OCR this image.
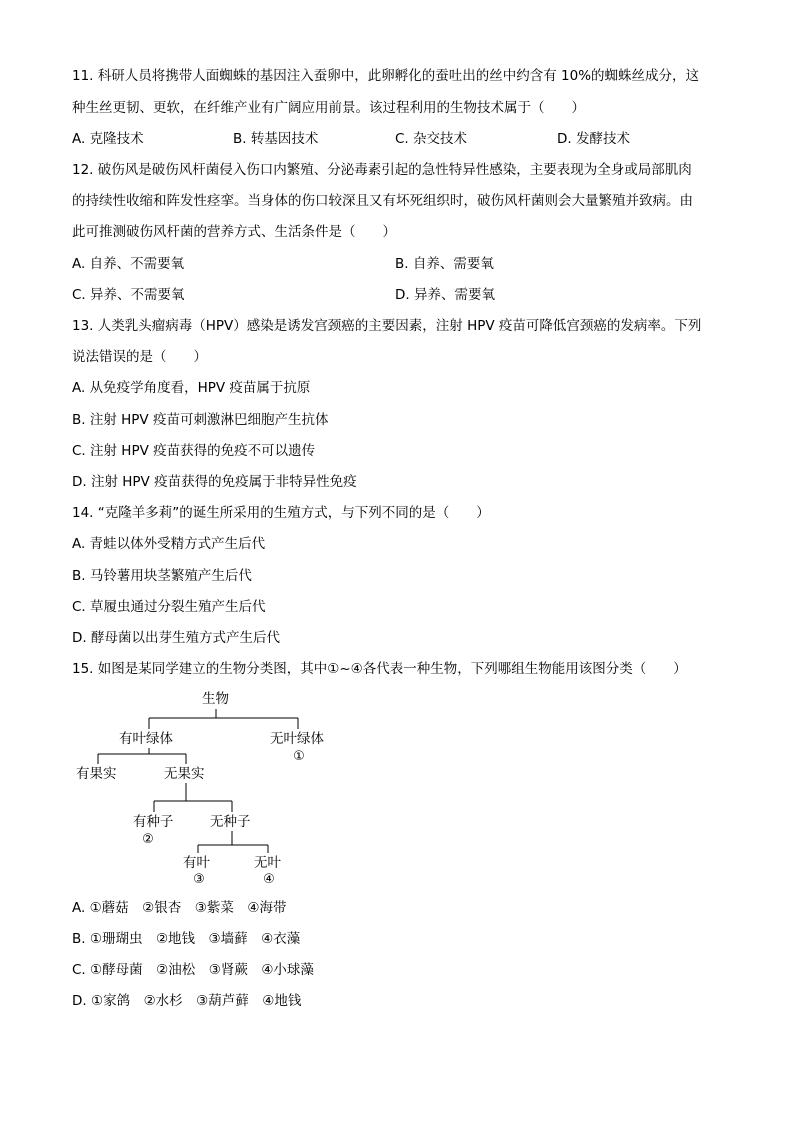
11. 科研人员将携带人面蜘蛛的基因注入蚕卵中，此卵孵化的蚕吐出的丝中约含有 10%的蜘蛛丝成分，这
种生丝更韧、更软，在纤维产业有广阔应用前景。该过程利用的生物技术属于（　　）
A. 克隆技术	B. 转基因技术	C. 杂交技术	D. 发酵技术
12. 破伤风是破伤风杆菌侵入伤口内繁殖、分泌毒素引起的急性特异性感染，主要表现为全身或局部肌肉
的持续性收缩和阵发性痉挛。当身体的伤口较深且又有坏死组织时，破伤风杆菌则会大量繁殖并致病。由
此可推测破伤风杆菌的营养方式、生活条件是（　　）
A. 自养、不需要氧	B. 自养、需要氧
C. 异养、不需要氧	D. 异养、需要氧
13. 人类乳头瘤病毒（HPV）感染是诱发宫颈癌的主要因素，注射 HPV 疫苗可降低宫颈癌的发病率。下列
说法错误的是（　　）
A. 从免疫学角度看，HPV 疫苗属于抗原
B. 注射 HPV 疫苗可刺激淋巴细胞产生抗体
C. 注射 HPV 疫苗获得的免疫不可以遗传
D. 注射 HPV 疫苗获得的免疫属于非特异性免疫
14. “克隆羊多莉”的诞生所采用的生殖方式，与下列不同的是（　　）
A. 青蛙以体外受精方式产生后代
B. 马铃薯用块茎繁殖产生后代
C. 草履虫通过分裂生殖产生后代
D. 酵母菌以出芽生殖方式产生后代
15. 如图是某同学建立的生物分类图，其中①~④各代表一种生物，下列哪组生物能用该图分类（　　）
生物
有叶绿体	无叶绿体
①
有果实	无果实
有种子
②
无种子
有叶
③
无叶
④
A. ①蘑菇　②银杏　③紫菜　④海带
B. ①珊瑚虫　②地钱　③墙藓　④衣藻
C. ①酵母菌　②油松　③肾蕨　④小球藻
D. ①家鸽　②水杉　③葫芦藓　④地钱
